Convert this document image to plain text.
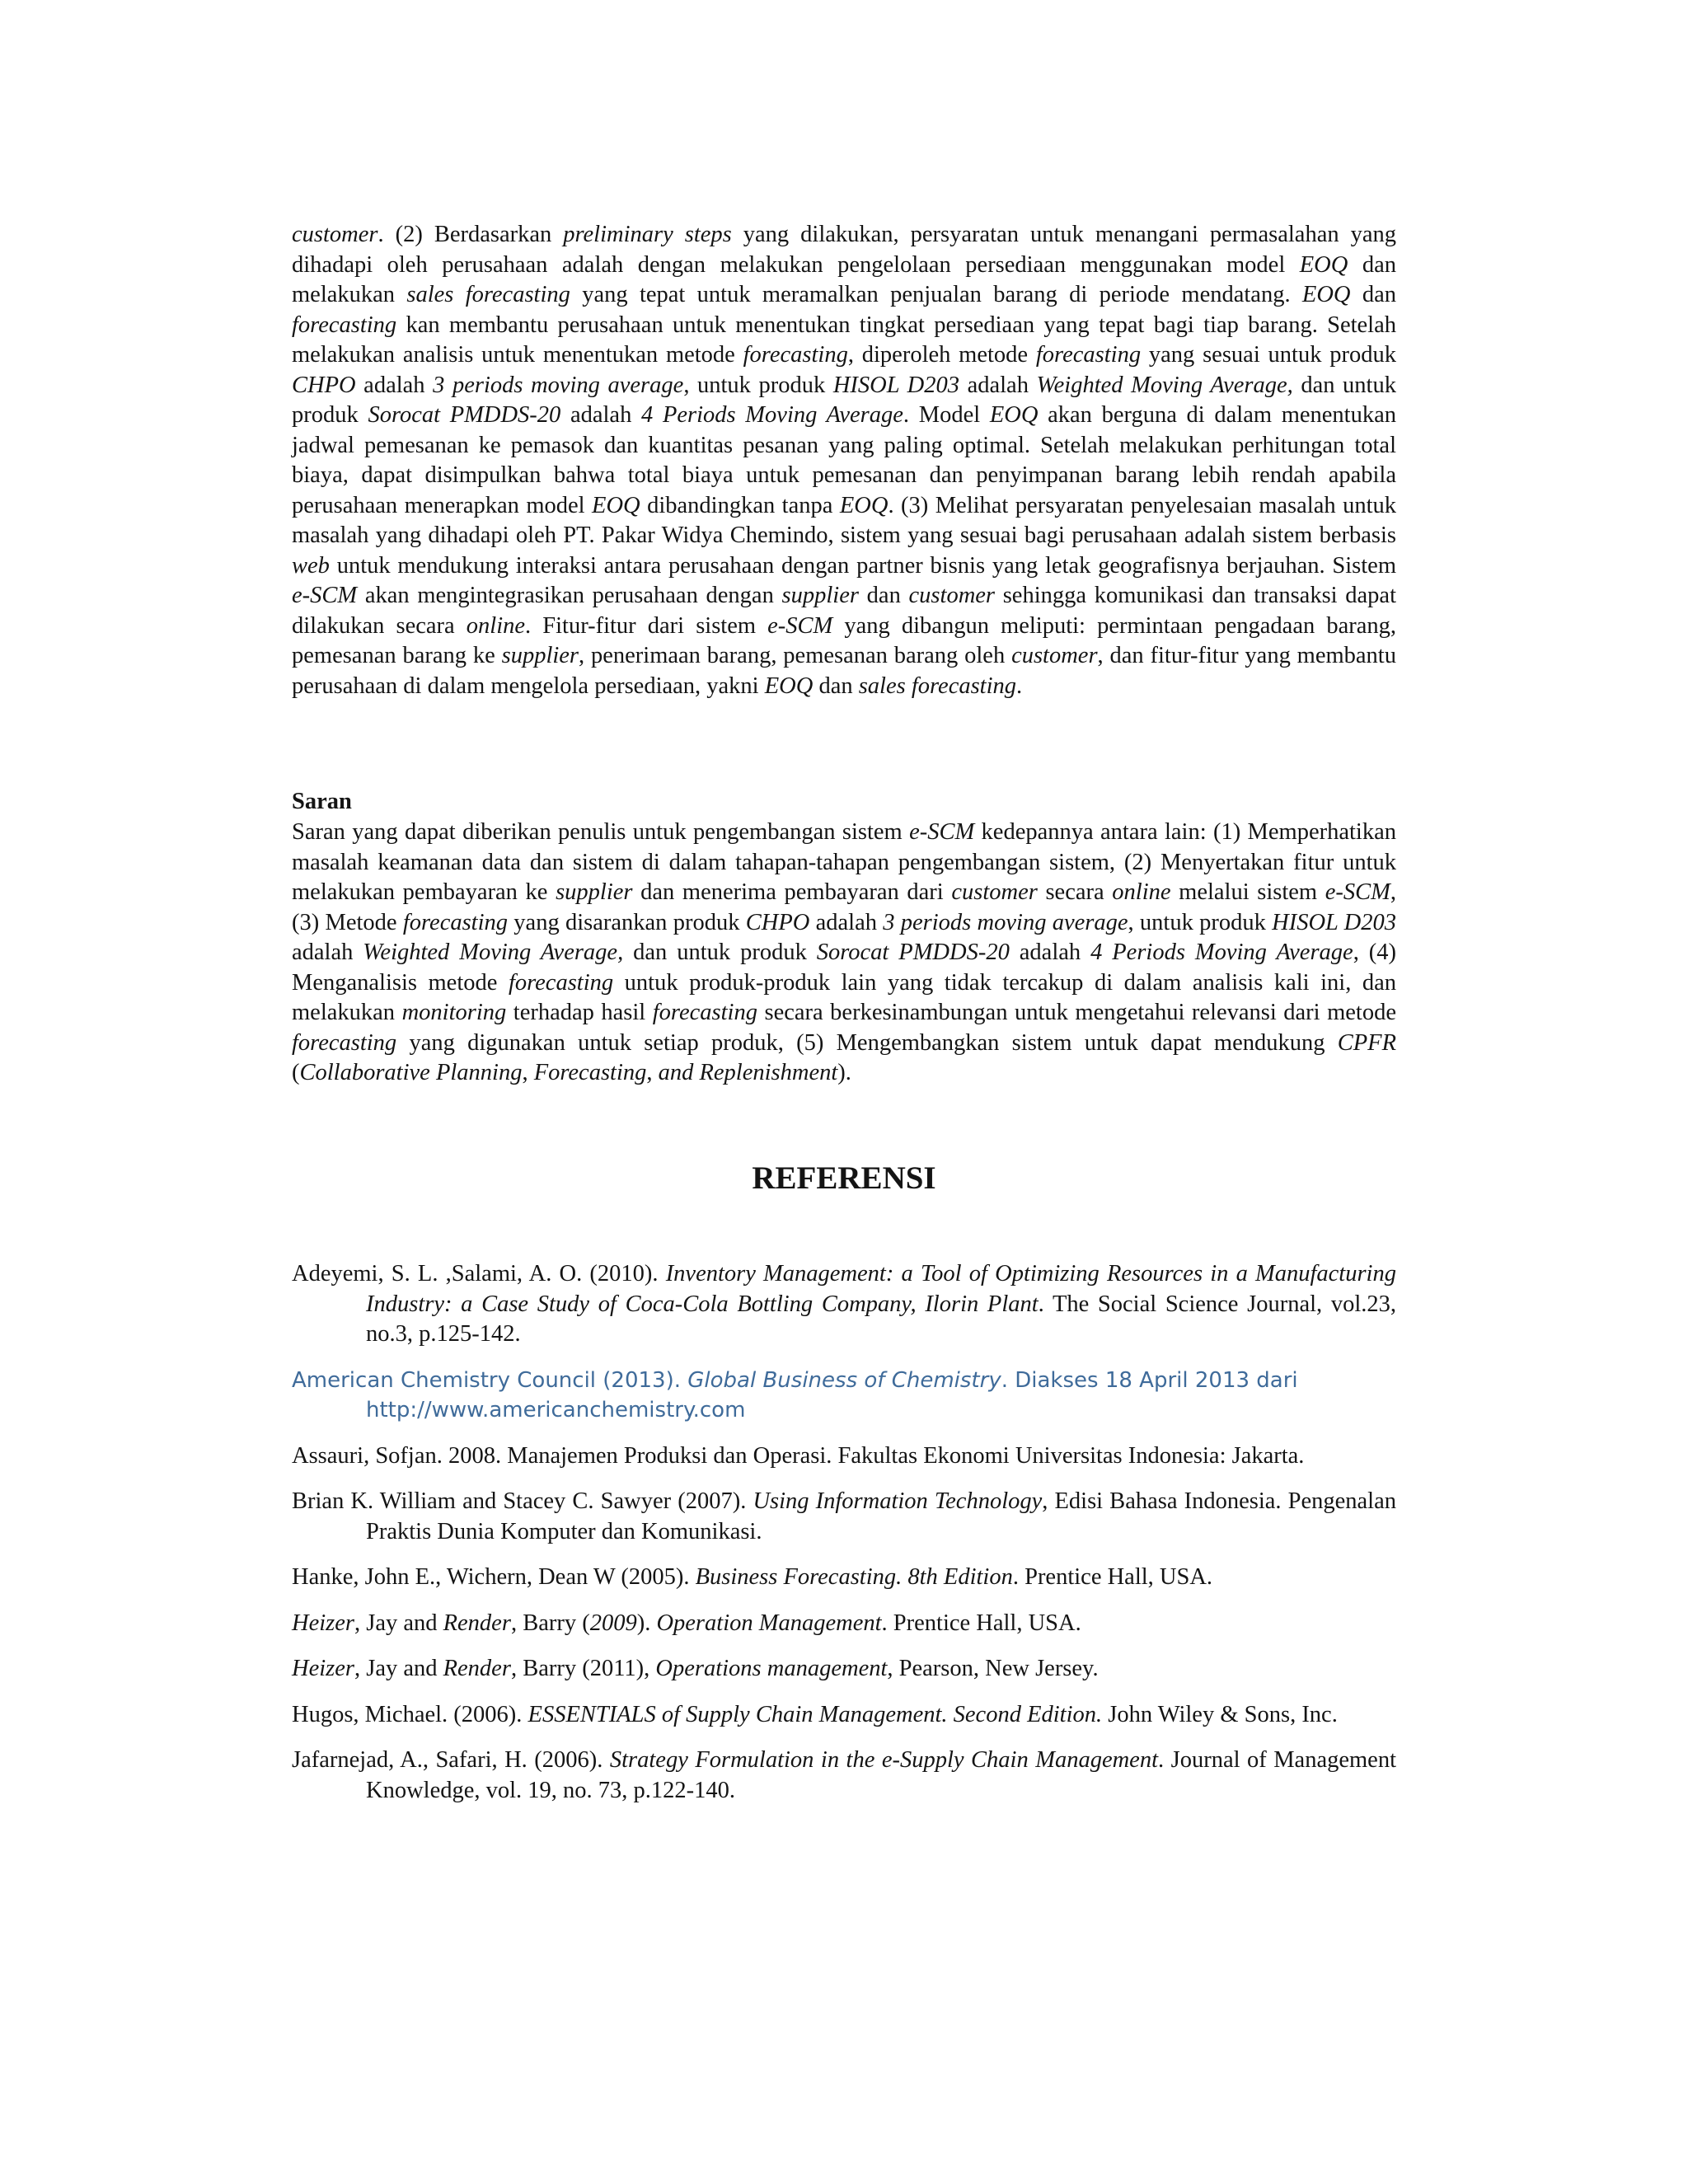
customer. (2) Berdasarkan preliminary steps yang dilakukan, persyaratan untuk menangani permasalahan yang dihadapi oleh perusahaan adalah dengan melakukan pengelolaan persediaan menggunakan model EOQ dan melakukan sales forecasting yang tepat untuk meramalkan penjualan barang di periode mendatang. EOQ dan forecasting kan membantu perusahaan untuk menentukan tingkat persediaan yang tepat bagi tiap barang. Setelah melakukan analisis untuk menentukan metode forecasting, diperoleh metode forecasting yang sesuai untuk produk CHPO adalah 3 periods moving average, untuk produk HISOL D203 adalah Weighted Moving Average, dan untuk produk Sorocat PMDDS-20 adalah 4 Periods Moving Average. Model EOQ akan berguna di dalam menentukan jadwal pemesanan ke pemasok dan kuantitas pesanan yang paling optimal. Setelah melakukan perhitungan total biaya, dapat disimpulkan bahwa total biaya untuk pemesanan dan penyimpanan barang lebih rendah apabila perusahaan menerapkan model EOQ dibandingkan tanpa EOQ. (3) Melihat persyaratan penyelesaian masalah untuk masalah yang dihadapi oleh PT. Pakar Widya Chemindo, sistem yang sesuai bagi perusahaan adalah sistem berbasis web untuk mendukung interaksi antara perusahaan dengan partner bisnis yang letak geografisnya berjauhan. Sistem e-SCM akan mengintegrasikan perusahaan dengan supplier dan customer sehingga komunikasi dan transaksi dapat dilakukan secara online. Fitur-fitur dari sistem e-SCM yang dibangun meliputi: permintaan pengadaan barang, pemesanan barang ke supplier, penerimaan barang, pemesanan barang oleh customer, dan fitur-fitur yang membantu perusahaan di dalam mengelola persediaan, yakni EOQ dan sales forecasting.

Saran

Saran yang dapat diberikan penulis untuk pengembangan sistem e-SCM kedepannya antara lain: (1) Memperhatikan masalah keamanan data dan sistem di dalam tahapan-tahapan pengembangan sistem, (2) Menyertakan fitur untuk melakukan pembayaran ke supplier dan menerima pembayaran dari customer secara online melalui sistem e-SCM, (3) Metode forecasting yang disarankan produk CHPO adalah 3 periods moving average, untuk produk HISOL D203 adalah Weighted Moving Average, dan untuk produk Sorocat PMDDS-20 adalah 4 Periods Moving Average, (4) Menganalisis metode forecasting untuk produk-produk lain yang tidak tercakup di dalam analisis kali ini, dan melakukan monitoring terhadap hasil forecasting secara berkesinambungan untuk mengetahui relevansi dari metode forecasting yang digunakan untuk setiap produk, (5) Mengembangkan sistem untuk dapat mendukung CPFR (Collaborative Planning, Forecasting, and Replenishment).

REFERENSI

Adeyemi, S. L. ,Salami, A. O. (2010). Inventory Management: a Tool of Optimizing Resources in a Manufacturing Industry: a Case Study of Coca-Cola Bottling Company, Ilorin Plant. The Social Science Journal, vol.23, no.3, p.125-142.

American Chemistry Council (2013). Global Business of Chemistry. Diakses 18 April 2013 dari http://www.americanchemistry.com

Assauri, Sofjan. 2008. Manajemen Produksi dan Operasi. Fakultas Ekonomi Universitas Indonesia: Jakarta.

Brian K. William and Stacey C. Sawyer (2007). Using Information Technology, Edisi Bahasa Indonesia. Pengenalan Praktis Dunia Komputer dan Komunikasi.

Hanke, John E., Wichern, Dean W (2005). Business Forecasting. 8th Edition. Prentice Hall, USA.

Heizer, Jay and Render, Barry (2009). Operation Management. Prentice Hall, USA.

Heizer, Jay and Render, Barry (2011), Operations management, Pearson, New Jersey.

Hugos, Michael. (2006). ESSENTIALS of Supply Chain Management. Second Edition. John Wiley & Sons, Inc.

Jafarnejad, A., Safari, H. (2006). Strategy Formulation in the e-Supply Chain Management. Journal of Management Knowledge, vol. 19, no. 73, p.122-140.
